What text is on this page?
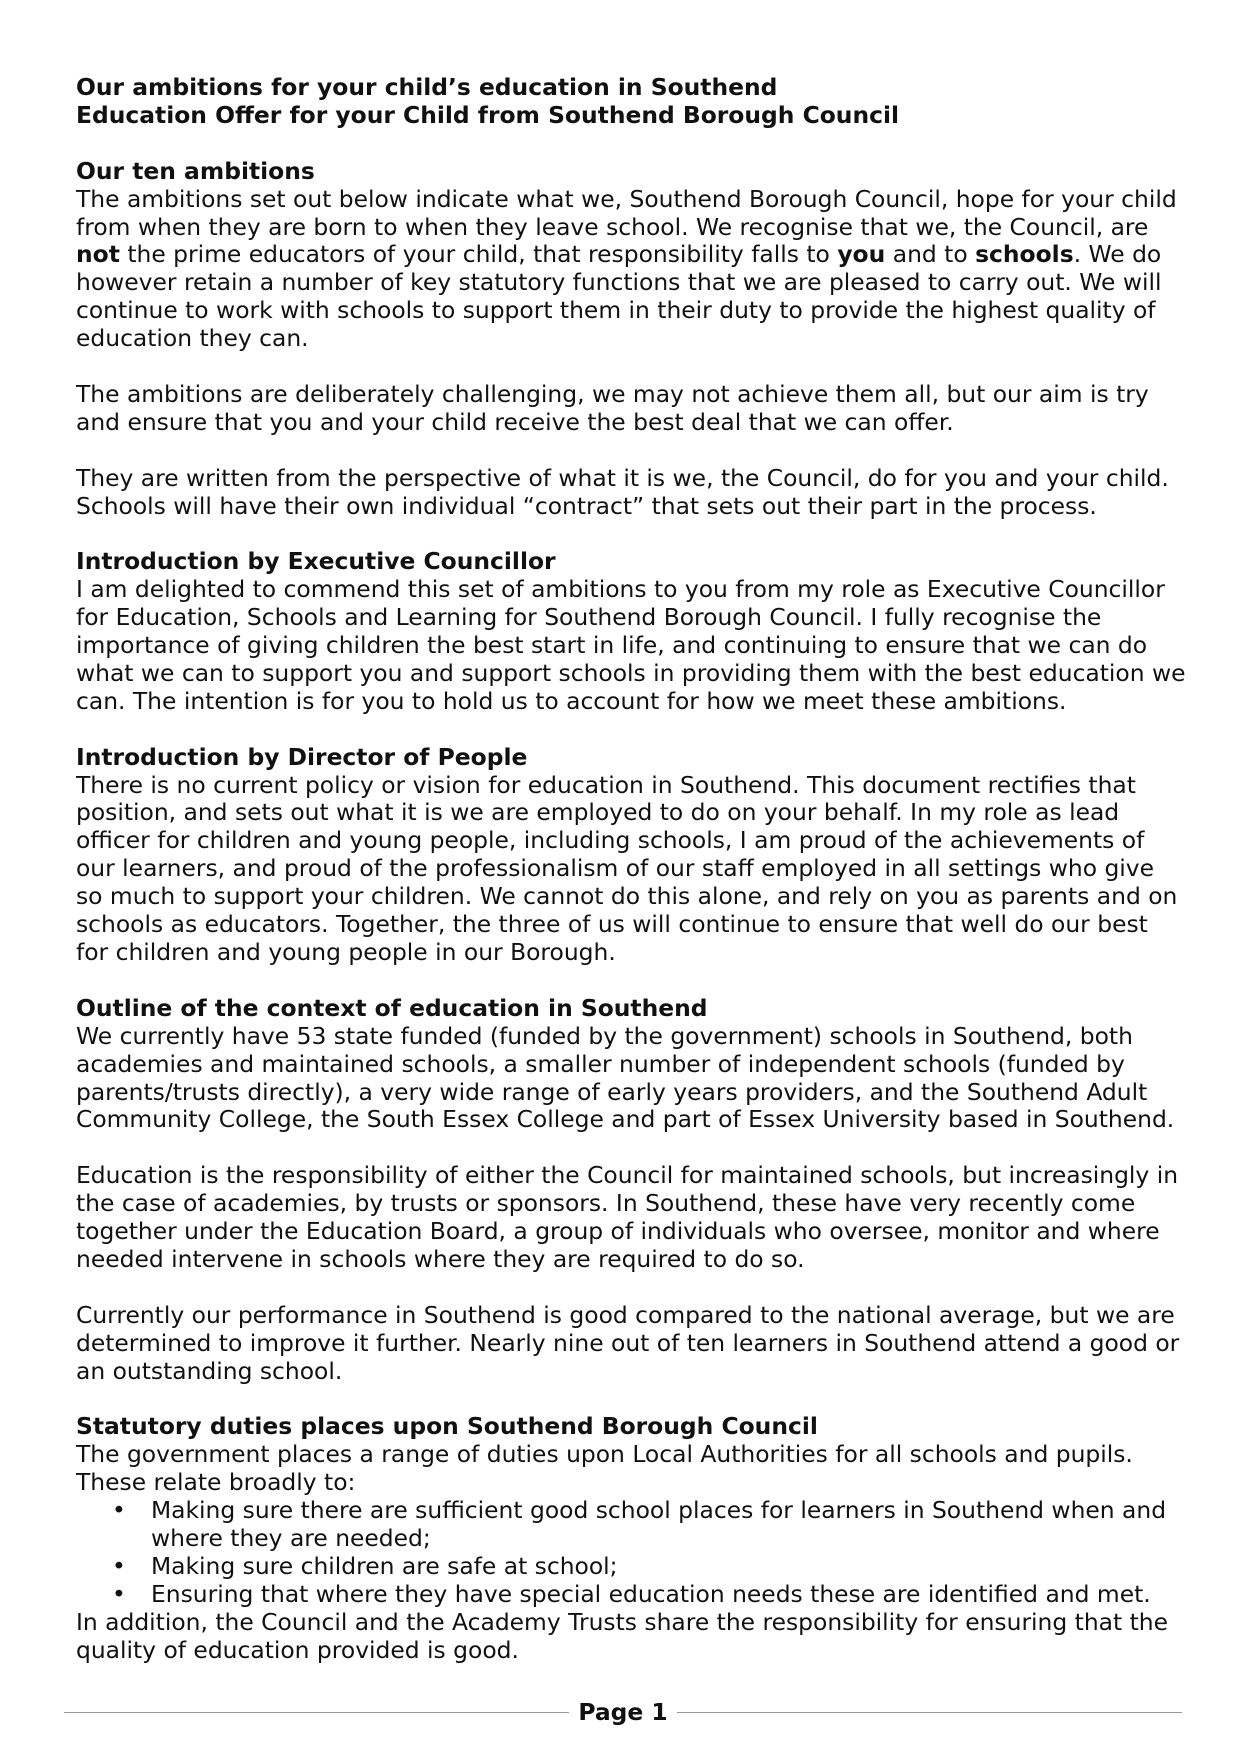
Our ambitions for your child’s education in Southend
Education Offer for your Child from Southend Borough Council
Our ten ambitions

The ambitions set out below indicate what we, Southend Borough Council, hope for your child from when they are born to when they leave school. We recognise that we, the Council, are not the prime educators of your child, that responsibility falls to you and to schools. We do however retain a number of key statutory functions that we are pleased to carry out. We will continue to work with schools to support them in their duty to provide the highest quality of education they can.

The ambitions are deliberately challenging, we may not achieve them all, but our aim is try and ensure that you and your child receive the best deal that we can offer.

They are written from the perspective of what it is we, the Council, do for you and your child. Schools will have their own individual “contract” that sets out their part in the process.

Introduction by Executive Councillor

I am delighted to commend this set of ambitions to you from my role as Executive Councillor for Education, Schools and Learning for Southend Borough Council. I fully recognise the importance of giving children the best start in life, and continuing to ensure that we can do what we can to support you and support schools in providing them with the best education we can. The intention is for you to hold us to account for how we meet these ambitions.

Introduction by Director of People

There is no current policy or vision for education in Southend. This document rectifies that position, and sets out what it is we are employed to do on your behalf. In my role as lead officer for children and young people, including schools, I am proud of the achievements of our learners, and proud of the professionalism of our staff employed in all settings who give so much to support your children. We cannot do this alone, and rely on you as parents and on schools as educators. Together, the three of us will continue to ensure that well do our best for children and young people in our Borough.

Outline of the context of education in Southend

We currently have 53 state funded (funded by the government) schools in Southend, both academies and maintained schools, a smaller number of independent schools (funded by parents/trusts directly), a very wide range of early years providers, and the Southend Adult Community College, the South Essex College and part of Essex University based in Southend.

Education is the responsibility of either the Council for maintained schools, but increasingly in the case of academies, by trusts or sponsors. In Southend, these have very recently come together under the Education Board, a group of individuals who oversee, monitor and where needed intervene in schools where they are required to do so.

Currently our performance in Southend is good compared to the national average, but we are determined to improve it further. Nearly nine out of ten learners in Southend attend a good or an outstanding school.

Statutory duties places upon Southend Borough Council

The government places a range of duties upon Local Authorities for all schools and pupils. These relate broadly to:

• Making sure there are sufficient good school places for learners in Southend when and where they are needed;
• Making sure children are safe at school;
• Ensuring that where they have special education needs these are identified and met.

In addition, the Council and the Academy Trusts share the responsibility for ensuring that the quality of education provided is good.

Page 1
